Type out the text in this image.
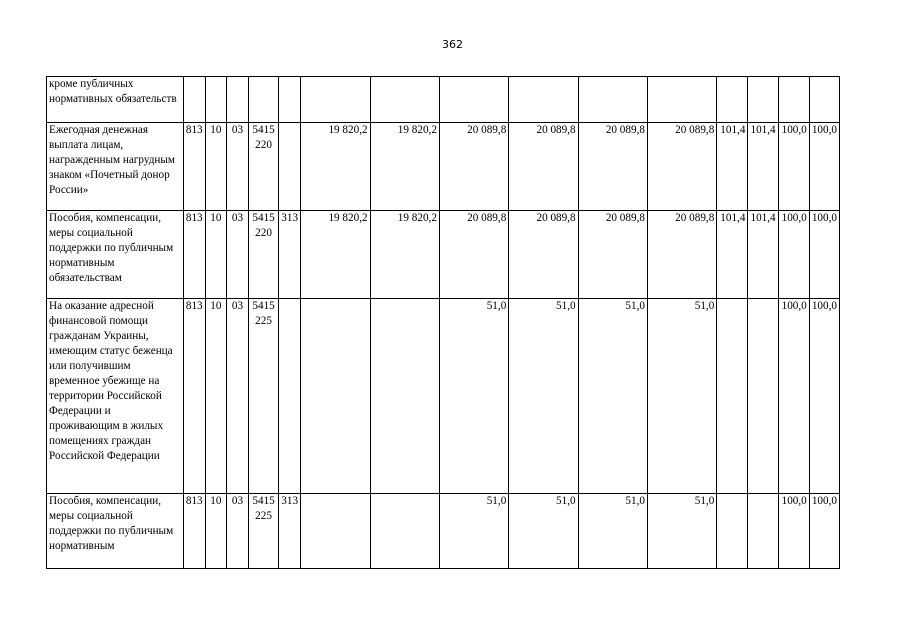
362
кроме публичных нормативных обязательств															
Ежегодная денежная выплата лицам, награжденным нагрудным знаком «Почетный донор России»	813	10	03	5415 220		19 820,2	19 820,2	20 089,8	20 089,8	20 089,8	20 089,8	101,4	101,4	100,0	100,0
Пособия, компенсации, меры социальной поддержки по публичным нормативным обязательствам	813	10	03	5415 220	313	19 820,2	19 820,2	20 089,8	20 089,8	20 089,8	20 089,8	101,4	101,4	100,0	100,0
На оказание адресной финансовой помощи гражданам Украины, имеющим статус беженца или получившим временное убежище на территории Российской Федерации и проживающим в жилых помещениях граждан Российской Федерации	813	10	03	5415 225				51,0	51,0	51,0	51,0			100,0	100,0
Пособия, компенсации, меры социальной поддержки по публичным нормативным	813	10	03	5415 225	313			51,0	51,0	51,0	51,0			100,0	100,0
